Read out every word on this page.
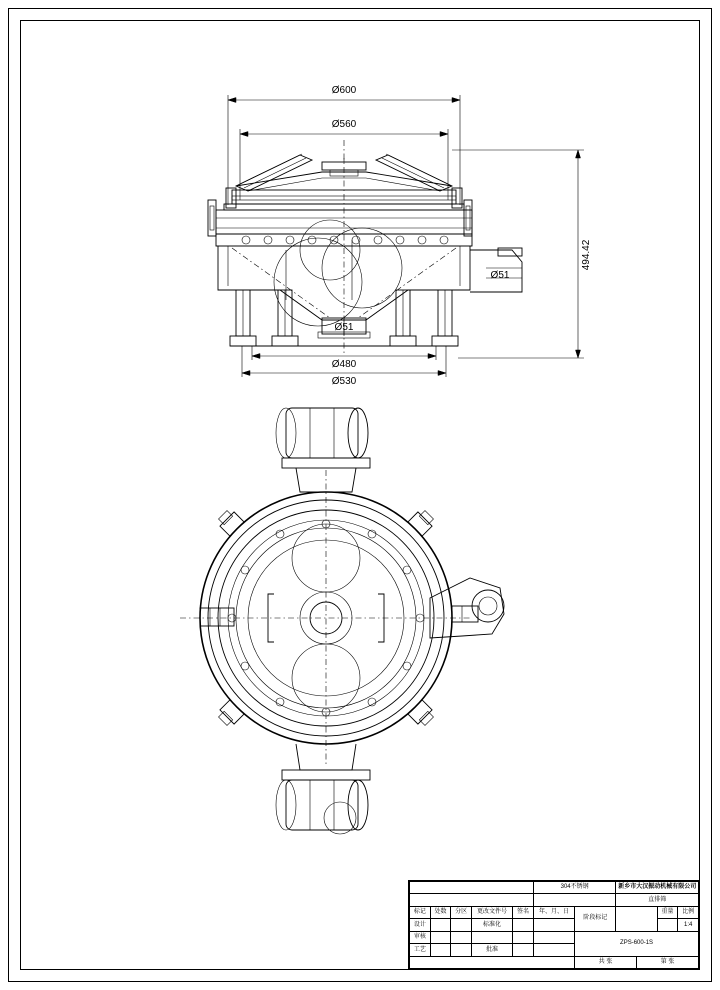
Ø600
Ø560
494.42
Ø51
Ø51
Ø480
Ø530
					304不锈钢		新乡市大汉振动机械有限公司			

							直排筛			

标记	处数	分区	更改文件号	签名	年、月、日	阶段标记			重量	比例
设计			标准化							1:4
审核						ZPS-600-1S				
工艺			批准							
						共 张		第 张		
